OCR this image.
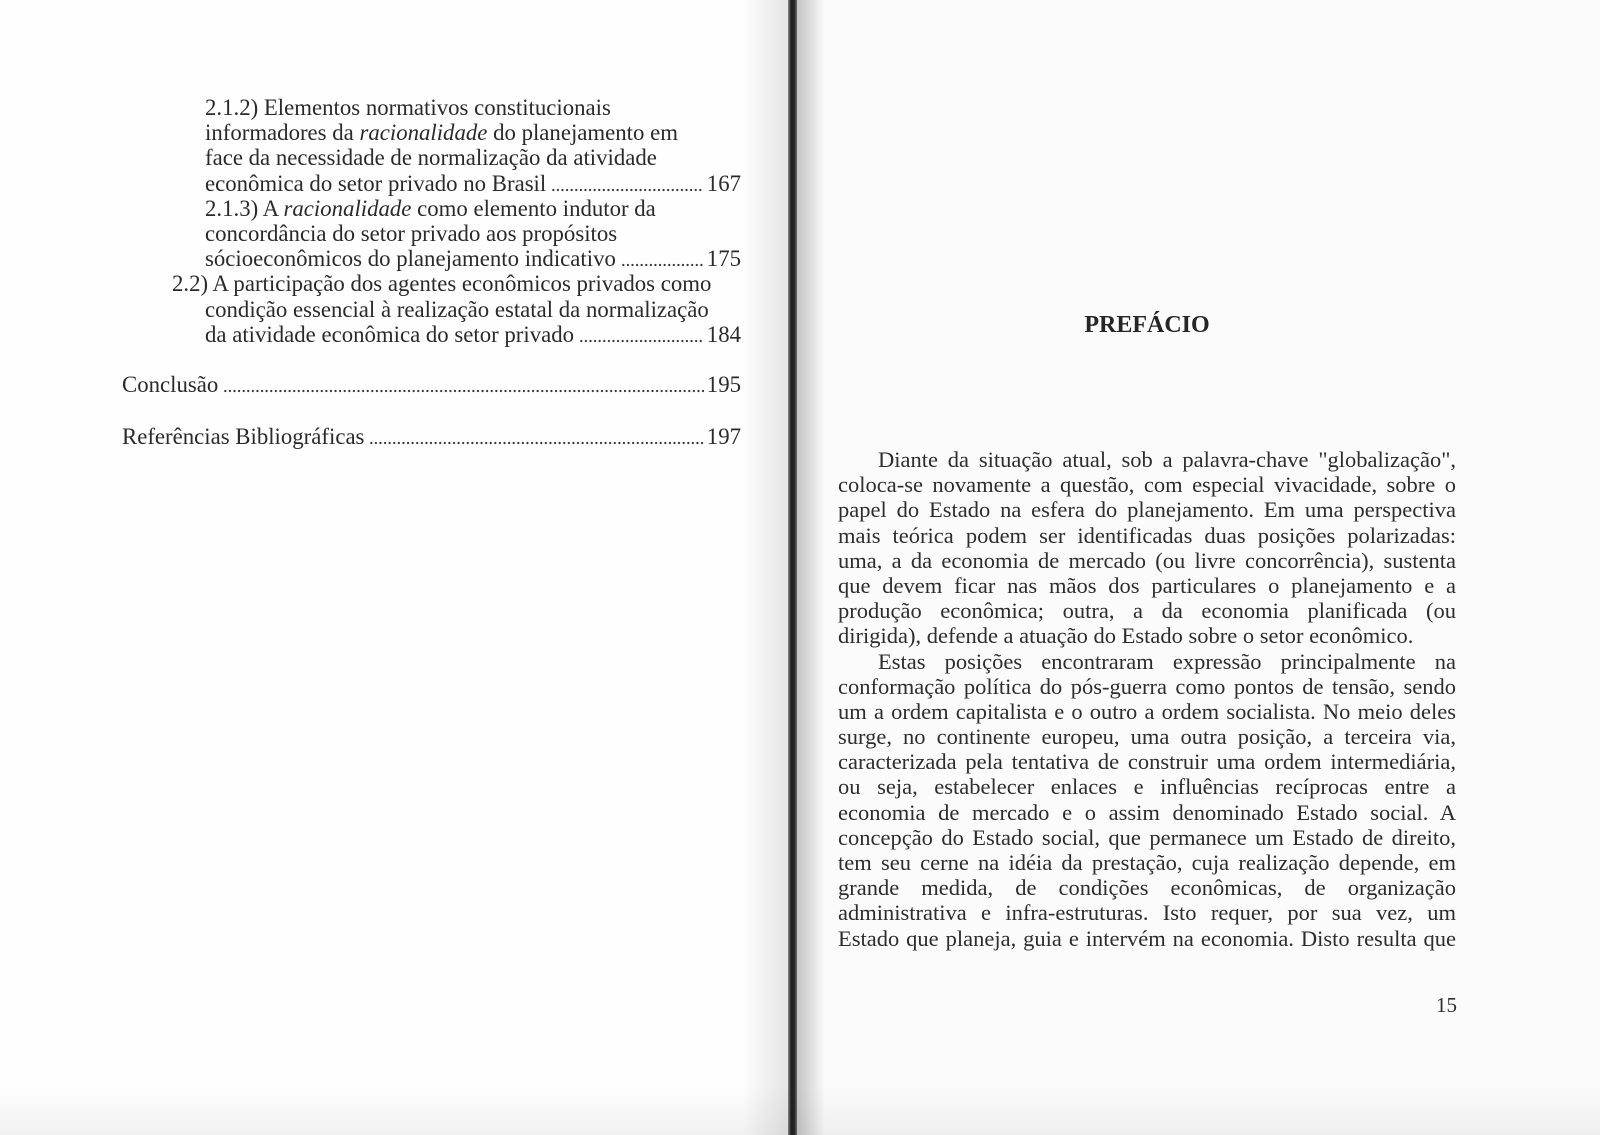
2.1.2) Elementos normativos constitucionais
informadores da racionalidade do planejamento em
face da necessidade de normalização da atividade
econômica do setor privado no Brasil	167
2.1.3) A racionalidade como elemento indutor da
concordância do setor privado aos propósitos
sócioeconômicos do planejamento indicativo	175
2.2) A participação dos agentes econômicos privados como
condição essencial à realização estatal da normalização
da atividade econômica do setor privado	184
Conclusão	195
Referências Bibliográficas	197
PREFÁCIO
Diante da situação atual, sob a palavra-chave "globalização",
coloca-se novamente a questão, com especial vivacidade, sobre o
papel do Estado na esfera do planejamento. Em uma perspectiva
mais teórica podem ser identificadas duas posições polarizadas:
uma, a da economia de mercado (ou livre concorrência), sustenta
que devem ficar nas mãos dos particulares o planejamento e a
produção econômica; outra, a da economia planificada (ou
dirigida), defende a atuação do Estado sobre o setor econômico.
Estas posições encontraram expressão principalmente na
conformação política do pós-guerra como pontos de tensão, sendo
um a ordem capitalista e o outro a ordem socialista. No meio deles
surge, no continente europeu, uma outra posição, a terceira via,
caracterizada pela tentativa de construir uma ordem intermediária,
ou seja, estabelecer enlaces e influências recíprocas entre a
economia de mercado e o assim denominado Estado social. A
concepção do Estado social, que permanece um Estado de direito,
tem seu cerne na idéia da prestação, cuja realização depende, em
grande medida, de condições econômicas, de organização
administrativa e infra-estruturas. Isto requer, por sua vez, um
Estado que planeja, guia e intervém na economia. Disto resulta que
15
